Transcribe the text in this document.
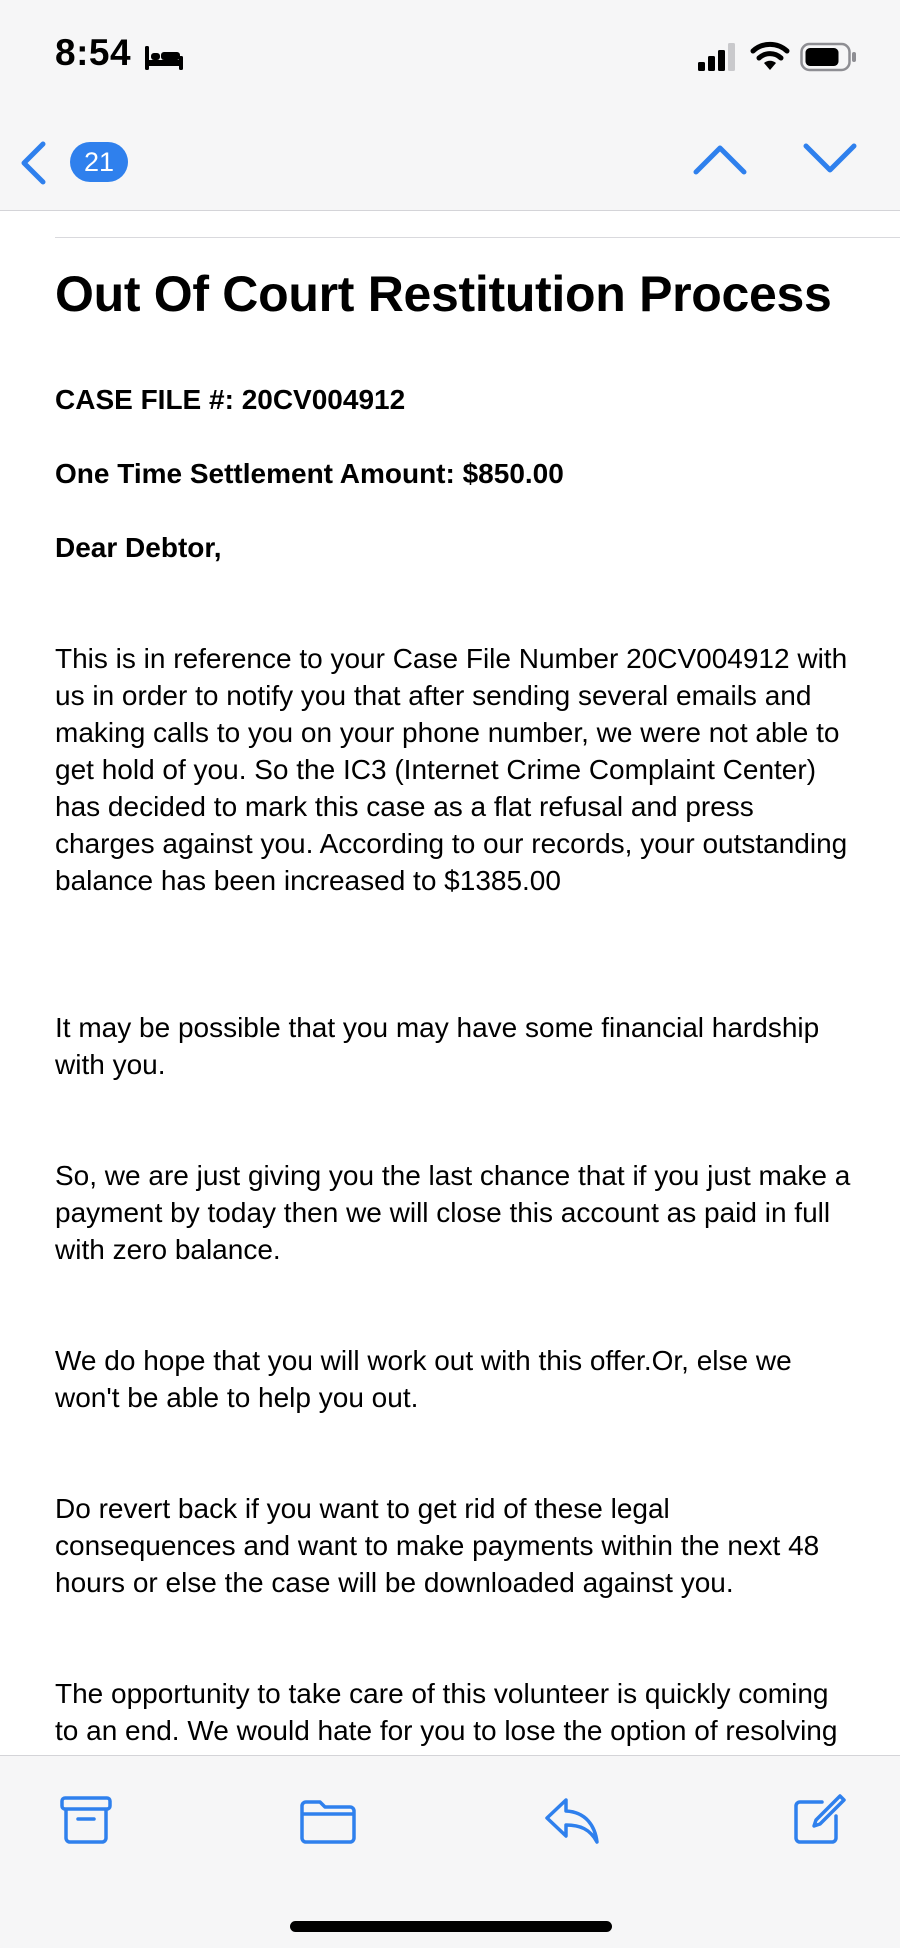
8:54
21
Out Of Court Restitution Process

CASE FILE #: 20CV004912

One Time Settlement Amount: $850.00

Dear Debtor,

This is in reference to your Case File Number 20CV004912 with us in order to notify you that after sending several emails and making calls to you on your phone number, we were not able to get hold of you. So the IC3 (Internet Crime Complaint Center) has decided to mark this case as a flat refusal and press charges against you. According to our records, your outstanding balance has been increased to $1385.00

It may be possible that you may have some financial hardship with you.

So, we are just giving you the last chance that if you just make a payment by today then we will close this account as paid in full with zero balance.

We do hope that you will work out with this offer.Or, else we won't be able to help you out.

Do revert back if you want to get rid of these legal consequences and want to make payments within the next 48 hours or else the case will be downloaded against you.

The opportunity to take care of this volunteer is quickly coming to an end. We would hate for you to lose the option of resolving
